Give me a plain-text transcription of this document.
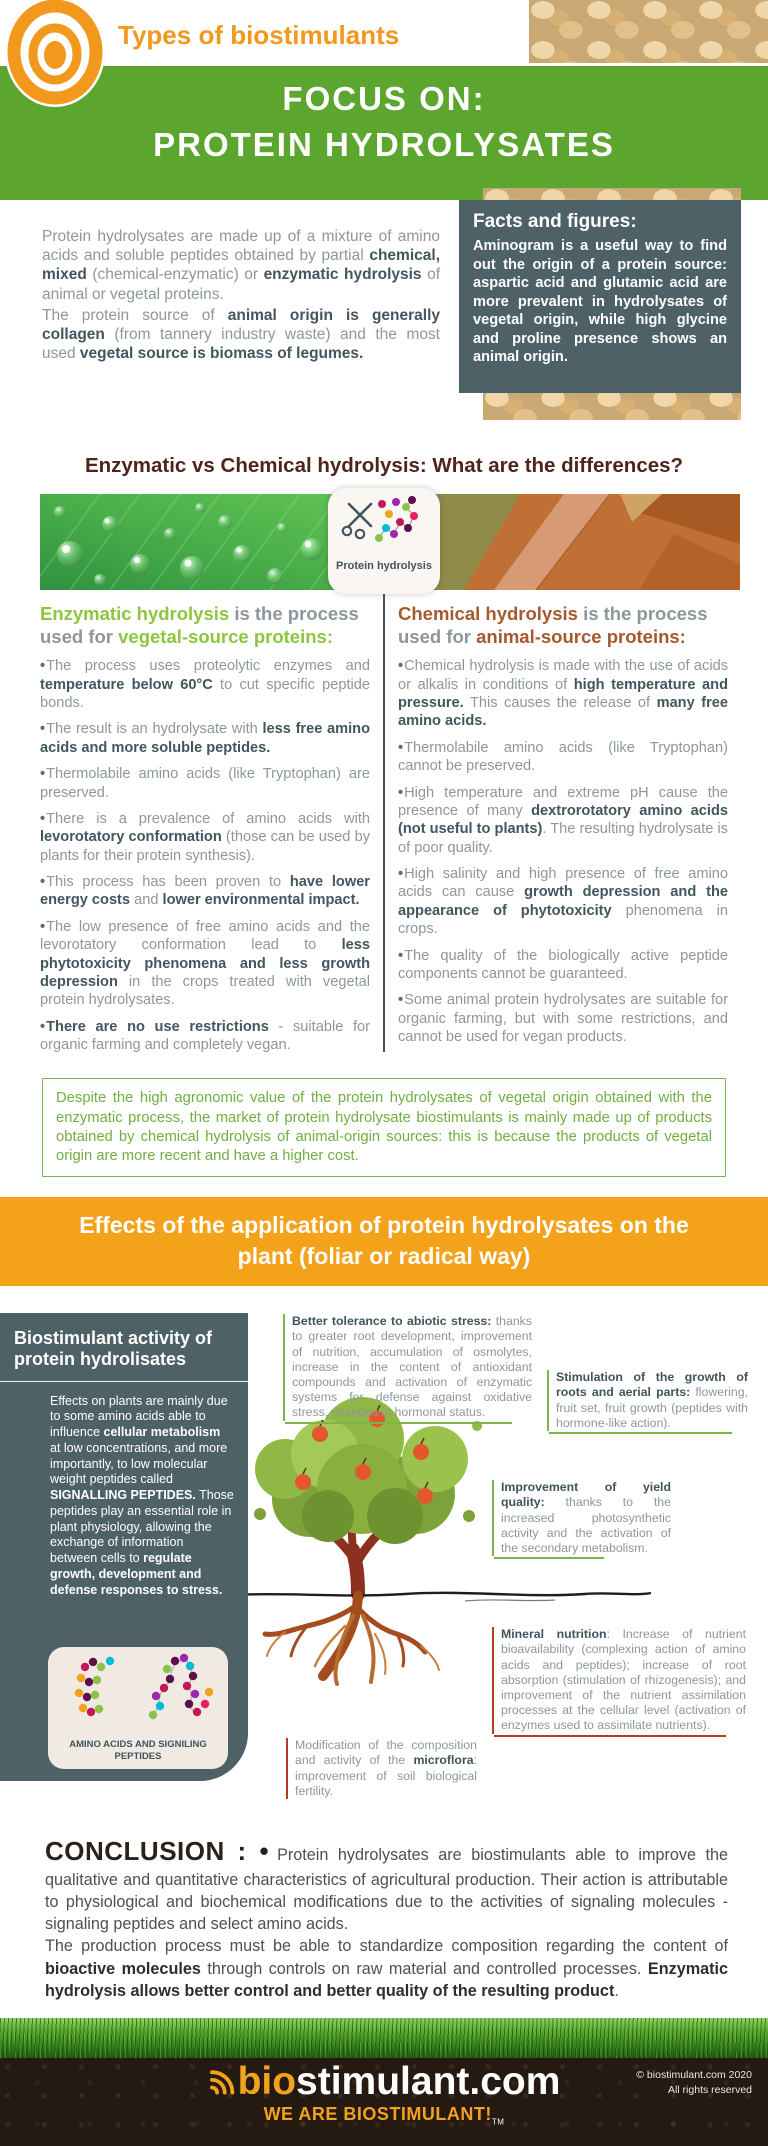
Types of biostimulants
FOCUS ON:
PROTEIN HYDROLYSATES

Protein hydrolysates are made up of a mixture of amino acids and soluble peptides obtained by partial chemical, mixed (chemical-enzymatic) or enzymatic hydrolysis of animal or vegetal proteins.

The protein source of animal origin is generally collagen (from tannery industry waste) and the most used vegetal source is biomass of legumes.

Facts and figures:
Aminogram is a useful way to find out the origin of a protein source: aspartic acid and glutamic acid are more prevalent in hydrolysates of vegetal origin, while high glycine and proline presence shows an animal origin.
Enzymatic vs Chemical hydrolysis: What are the differences?
Protein hydrolysis
Enzymatic hydrolysis is the process used for vegetal-source proteins:
• The process uses proteolytic enzymes and temperature below 60°C to cut specific peptide bonds.
• The result is an hydrolysate with less free amino acids and more soluble peptides.
• Thermolabile amino acids (like Tryptophan) are preserved.
• There is a prevalence of amino acids with levorotatory conformation (those can be used by plants for their protein synthesis).
• This process has been proven to have lower energy costs and lower environmental impact.
• The low presence of free amino acids and the levorotatory conformation lead to less phytotoxicity phenomena and less growth depression in the crops treated with vegetal protein hydrolysates.
• There are no use restrictions - suitable for organic farming and completely vegan.
Chemical hydrolysis is the process used for animal-source proteins:
• Chemical hydrolysis is made with the use of acids or alkalis in conditions of high temperature and pressure. This causes the release of many free amino acids.
• Thermolabile amino acids (like Tryptophan) cannot be preserved.
• High temperature and extreme pH cause the presence of many dextrorotatory amino acids (not useful to plants). The resulting hydrolysate is of poor quality.
• High salinity and high presence of free amino acids can cause growth depression and the appearance of phytotoxicity phenomena in crops.
• The quality of the biologically active peptide components cannot be guaranteed.
• Some animal protein hydrolysates are suitable for organic farming, but with some restrictions, and cannot be used for vegan products.
Despite the high agronomic value of the protein hydrolysates of vegetal origin obtained with the enzymatic process, the market of protein hydrolysate biostimulants is mainly made up of products obtained by chemical hydrolysis of animal-origin sources: this is because the products of vegetal origin are more recent and have a higher cost.
Effects of the application of protein hydrolysates on the plant (foliar or radical way)
Biostimulant activity of protein hydrolisates
Effects on plants are mainly due to some amino acids able to influence cellular metabolism at low concentrations, and more importantly, to low molecular weight peptides called SIGNALLING PEPTIDES. Those peptides play an essential role in plant physiology, allowing the exchange of information between cells to regulate growth, development and defense responses to stress.
AMINO ACIDS AND SIGNILING PEPTIDES
Better tolerance to abiotic stress: thanks to greater root development, improvement of nutrition, accumulation of osmolytes, increase in the content of antioxidant compounds and activation of enzymatic systems for defense against oxidative stress, changes in hormonal status.
Stimulation of the growth of roots and aerial parts: flowering, fruit set, fruit growth (peptides with hormone-like action).
Improvement of yield quality: thanks to the increased photosynthetic activity and the activation of the secondary metabolism.
Mineral nutrition: Increase of nutrient bioavailability (complexing action of amino acids and peptides); increase of root absorption (stimulation of rhizogenesis); and improvement of the nutrient assimilation processes at the cellular level (activation of enzymes used to assimilate nutrients).
Modification of the composition and activity of the microflora: improvement of soil biological fertility.

CONCLUSION : • Protein hydrolysates are biostimulants able to improve the qualitative and quantitative characteristics of agricultural production. Their action is attributable to physiological and biochemical modifications due to the activities of signaling molecules - signaling peptides and select amino acids.

The production process must be able to standardize composition regarding the content of bioactive molecules through controls on raw material and controlled processes. Enzymatic hydrolysis allows better control and better quality of the resulting product.

biostimulant.com
WE ARE $BIOSTIMULANT!_{TM}$
© biostimulant.com 2020
All rights reserved
